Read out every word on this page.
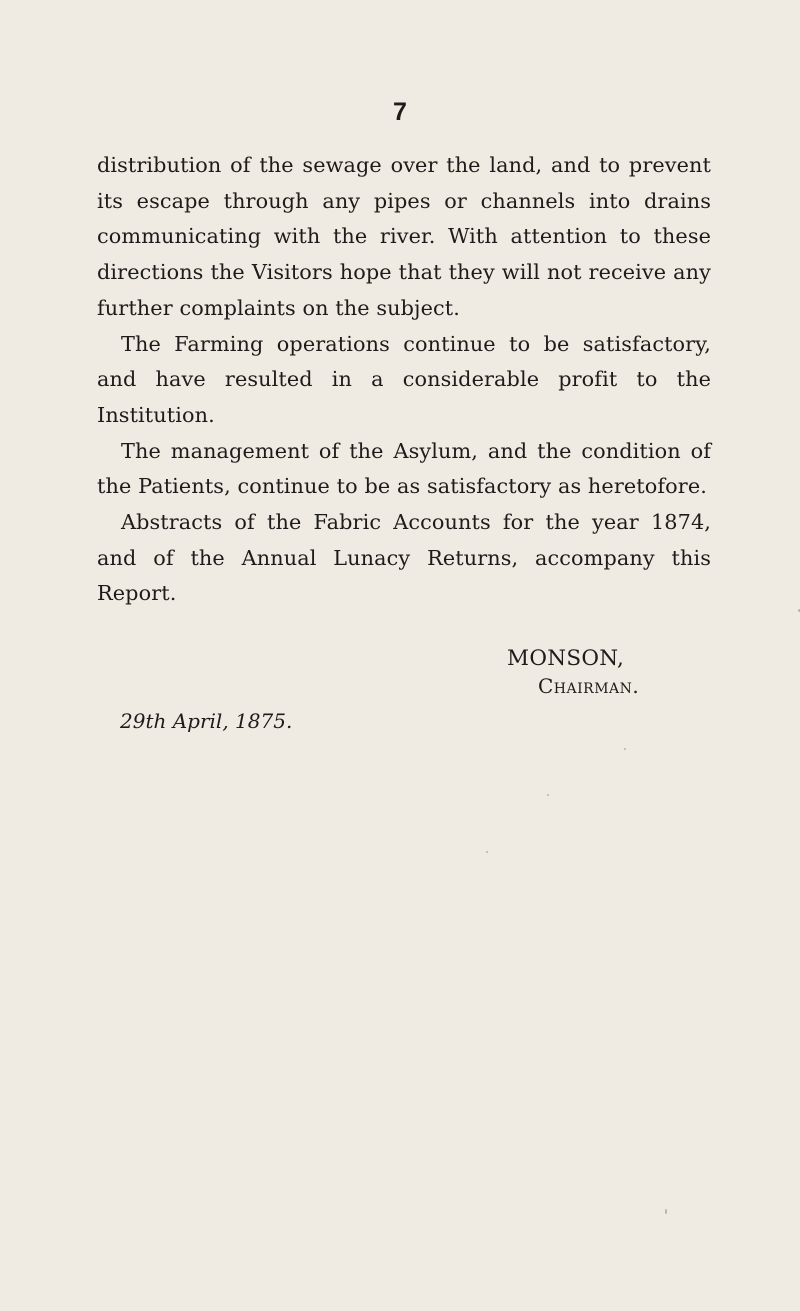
7

distribution of the sewage over the land, and to prevent its escape through any pipes or channels into drains communicating with the river. With attention to these directions the Visitors hope that they will not receive any further complaints on the subject.

The Farming operations continue to be satisfactory, and have resulted in a considerable profit to the Institution.

The management of the Asylum, and the condition of the Patients, continue to be as satisfactory as heretofore.

Abstracts of the Fabric Accounts for the year 1874, and of the Annual Lunacy Returns, accompany this Report.

MONSON,
Chairman.
29th April, 1875.
